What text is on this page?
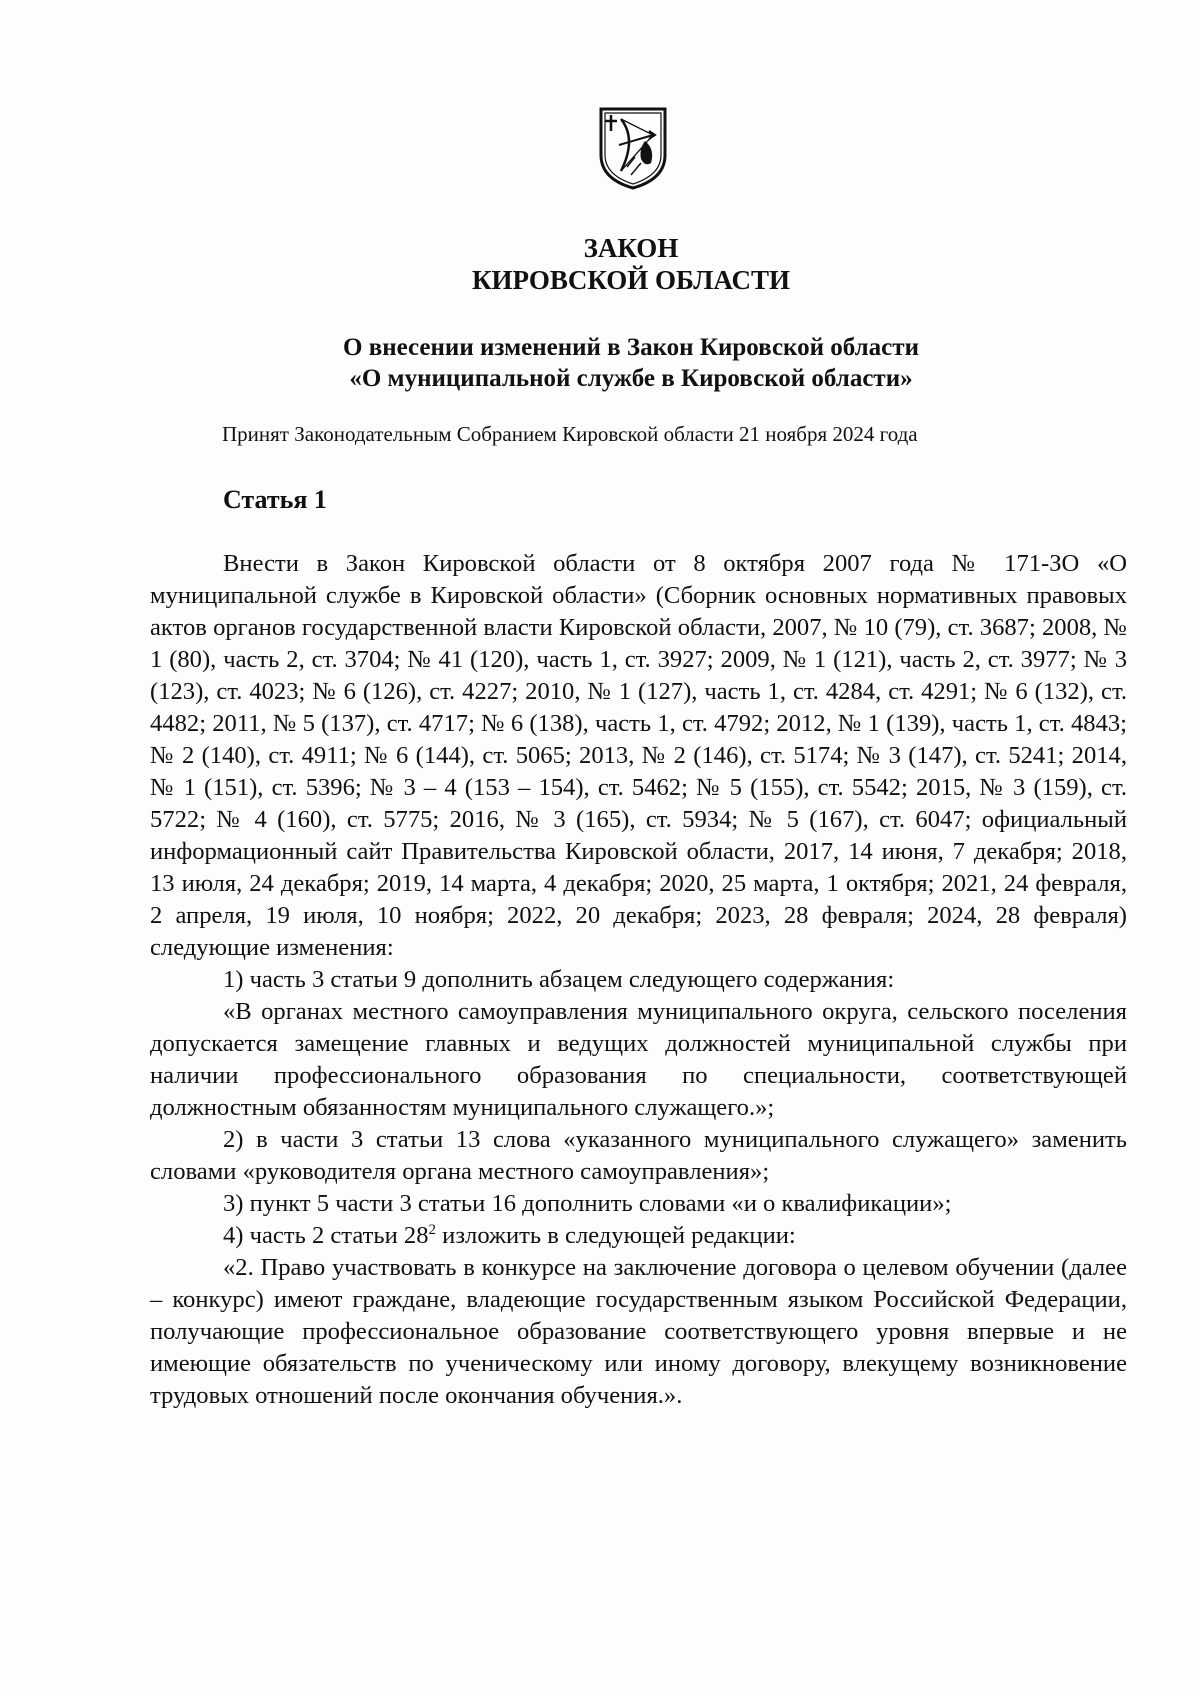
ЗАКОН
КИРОВСКОЙ ОБЛАСТИ
О внесении изменений в Закон Кировской области
«О муниципальной службе в Кировской области»

Принят Законодательным Собранием Кировской области 21 ноября 2024 года

Статья 1

Внести в Закон Кировской области от 8 октября 2007 года № 171-ЗО «О муниципальной службе в Кировской области» (Сборник основных нормативных правовых актов органов государственной власти Кировской области, 2007, № 10 (79), ст. 3687; 2008, № 1 (80), часть 2, ст. 3704; № 41 (120), часть 1, ст. 3927; 2009, № 1 (121), часть 2, ст. 3977; № 3 (123), ст. 4023; № 6 (126), ст. 4227; 2010, № 1 (127), часть 1, ст. 4284, ст. 4291; № 6 (132), ст. 4482; 2011, № 5 (137), ст. 4717; № 6 (138), часть 1, ст. 4792; 2012, № 1 (139), часть 1, ст. 4843; № 2 (140), ст. 4911; № 6 (144), ст. 5065; 2013, № 2 (146), ст. 5174; № 3 (147), ст. 5241; 2014, № 1 (151), ст. 5396; № 3 – 4 (153 – 154), ст. 5462; № 5 (155), ст. 5542; 2015, № 3 (159), ст. 5722; № 4 (160), ст. 5775; 2016, № 3 (165), ст. 5934; № 5 (167), ст. 6047; официальный информационный сайт Правительства Кировской области, 2017, 14 июня, 7 декабря; 2018, 13 июля, 24 декабря; 2019, 14 марта, 4 декабря; 2020, 25 марта, 1 октября; 2021, 24 февраля, 2 апреля, 19 июля, 10 ноября; 2022, 20 декабря; 2023, 28 февраля; 2024, 28 февраля) следующие изменения:

1) часть 3 статьи 9 дополнить абзацем следующего содержания:

«В органах местного самоуправления муниципального округа, сельского поселения допускается замещение главных и ведущих должностей муниципальной службы при наличии профессионального образования по специальности, соответствующей должностным обязанностям муниципального служащего.»;

2) в части 3 статьи 13 слова «указанного муниципального служащего» заменить словами «руководителя органа местного самоуправления»;

3) пункт 5 части 3 статьи 16 дополнить словами «и о квалификации»;

4) часть 2 статьи $28^2$ изложить в следующей редакции:

«2. Право участвовать в конкурсе на заключение договора о целевом обучении (далее – конкурс) имеют граждане, владеющие государственным языком Российской Федерации, получающие профессиональное образование соответствующего уровня впервые и не имеющие обязательств по ученическому или иному договору, влекущему возникновение трудовых отношений после окончания обучения.».
